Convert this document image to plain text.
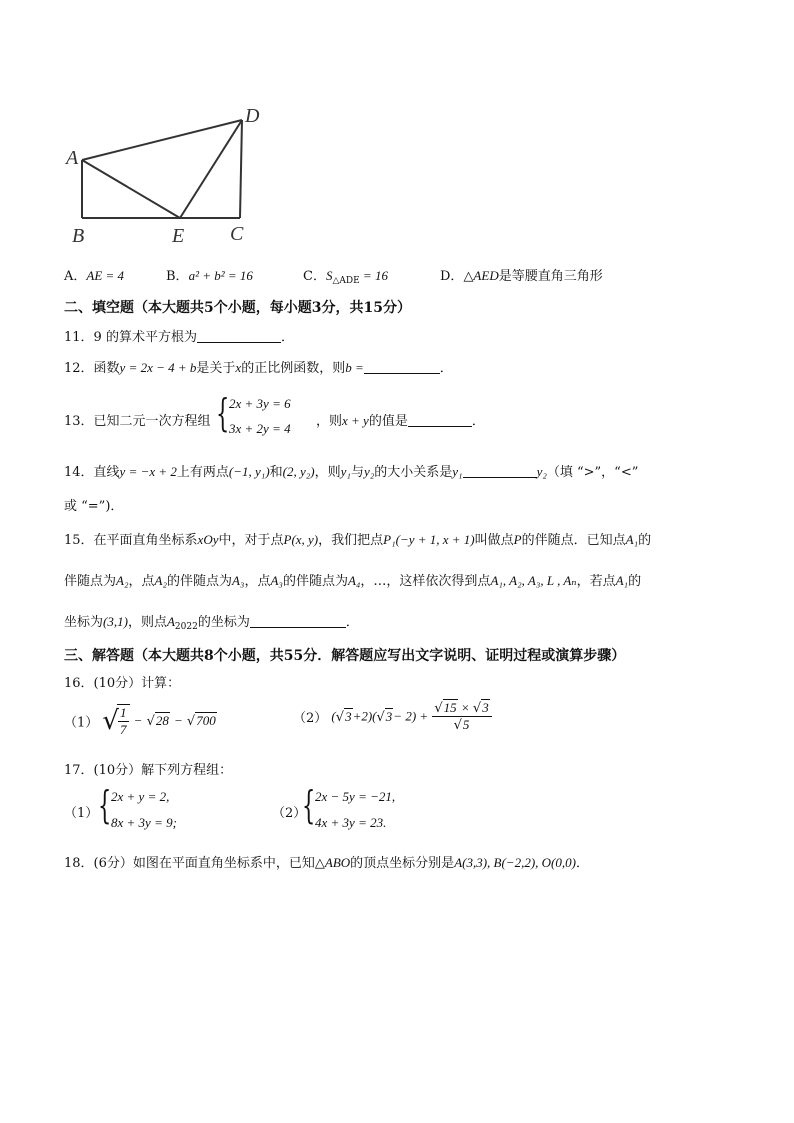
A
B	C
D
E
A．AE = 4	B．a² + b² = 16	C．$S_{\triangle ADE} = 16$	D．△AED是等腰直角三角形
二、填空题（本大题共5个小题，每小题3分，共15分）
11．9 的算术平方根为	．
12．函数y = 2x − 4 + b是关于x的正比例函数，则b =	．
13．已知二元一次方程组 { 2x + 3y = 6
3x + 2y = 4 ，则x + y的值是	．
14．直线y = −x + 2上有两点(−1, y₁)和(2, y₂)，则y₁与y₂的大小关系是y₁	y₂（填 “>”，“<”
或 “=”)．
15．在平面直角坐标系xOy中，对于点P(x, y)，我们把点P₁(−y + 1, x + 1)叫做点P的伴随点．已知点A₁的
伴随点为A₂，点A₂的伴随点为A₃，点A₃的伴随点为A₄，…，这样依次得到点A₁, A₂, A₃, L , Aₙ，若点A₁的
坐标为(3,1)，则点$A_{2022}$的坐标为	．
三、解答题（本大题共8个小题，共55分．解答题应写出文字说明、证明过程或演算步骤）
16．(10分）计算：
（1） √
$\frac{1}{7} - √28 - √700$	（2） $(√3+2)(√3- 2) + \frac{√15 \times √3}{√5}$
17．(10分）解下列方程组：
（1） { 2x + y = 2,
8x + 3y = 9;
（2）
{ 2x − 5y = −21,
4x + 3y = 23.
18．(6分）如图在平面直角坐标系中，已知△ABO的顶点坐标分别是A(3,3), B(−2,2), O(0,0)．
